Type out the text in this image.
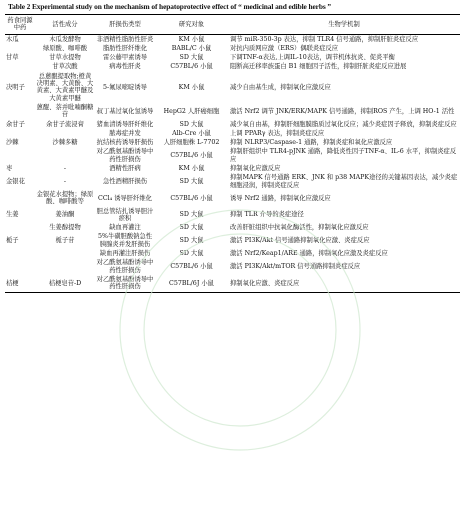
Table 2 Experimental study on the mechanism of hepatoprotective effect of “ medicinal and edible herbs ”
药食同源中药	活性成分	肝损伤类型	研究对象	生物学机制
木瓜	木瓜发酵物	非酒精性脂肪性肝炎	KM 小鼠	调节 miR-350-3p 表达，抑制 TLR4 信号通路，抑制肝脏炎症反应
	绿原酸、咖啡酸	脂肪性肝纤维化	BABL/C 小鼠	对抗内质网应激（ERS）偶联炎症反应
甘草	甘草水提物	雷公藤甲素诱导	SD 大鼠	下调TNF-α表达,上调IL-10表达，调节机体抗炎、促炎平衡
	甘草次酸	病毒性肝炎	C57BL/6 小鼠	阻断高迁移率族蛋白 B1 细胞因子活性，抑制肝脏炎症反应进展
决明子	总蒽醌提取物;橙黄决明素、大黄酚、大黄素、大黄素甲醚及大黄素甲醚	5-氟尿嘧啶诱导	KM 小鼠	减少自由基生成，抑制氧化应激反应
	蒽醌、萘并吡喃酮糖苷	叔丁基过氧化氢诱导	HepG2 人肝癌细胞	激活 Nrf2 调节 JNK/ERK/MAPK 信号通路，抑制ROS 产生，上调 HO-1 活性
余甘子	余甘子流浸膏	猪血清诱导肝纤维化	SD 大鼠	减少氧自由基，抑制肝细胞膜脂质过氧化反应；减少炎症因子释放，抑制炎症反应
		脓毒症并发	Alb-Cre 小鼠	上调 PPARγ 表达，抑制炎症反应
沙棘	沙棘多糖	抗结核药诱导肝损伤	人肝细胞株 L-7702	抑制 NLRP3/Caspase-1 通路，抑制炎症和氧化应激反应
		对乙酰氨基酚诱导中药性肝损伤	C57BL/6 小鼠	抑制肝组织中 TLR4-pJNK 通路，降低炎性因子TNF-α、IL-6 水平，抑制炎症反应
枣	-	酒精性肝病	KM 小鼠	抑制氧化应激反应
金银花	-	急性酒精肝损伤	SD 大鼠	抑制MAPK 信号通路 ERK、JNK 和 p38 MAPK途径的关键基因表达，减少炎症细胞浸润，抑制炎症反应
	金银花水提物；绿原酸、咖啡酸等	CCl₄ 诱导肝纤维化	C57BL/6 小鼠	诱导 Nrf2 通路，抑制氧化应激反应
生姜	姜油酮	胆总管结扎诱导胆汁瘀积	SD 大鼠	抑制 TLR 介导的炎症途径
	生姜醇提物	缺血再灌注	SD 大鼠	改善肝脏组织中抗氧化酶活性，抑制氧化应激反应
栀子	栀子苷	5%牛磺胆酸钠急性胰腺炎并发肝损伤	SD 大鼠	激活 PI3K/Akt 信号通路抑制氧化应激、炎症反应
		缺血再灌注肝损伤	SD 大鼠	激活 Nrf2/Keap1/ARE 通路，抑制氧化应激及炎症反应
		对乙酰氨基酚诱导中药性肝损伤	C57BL/6 小鼠	激活 PI3K/Akt/mTOR 信号通路抑制炎症反应
桔梗	桔梗皂苷-D	对乙酰氨基酚诱导中药性肝损伤	C57BL/6J 小鼠	抑制氧化应激、炎症反应
